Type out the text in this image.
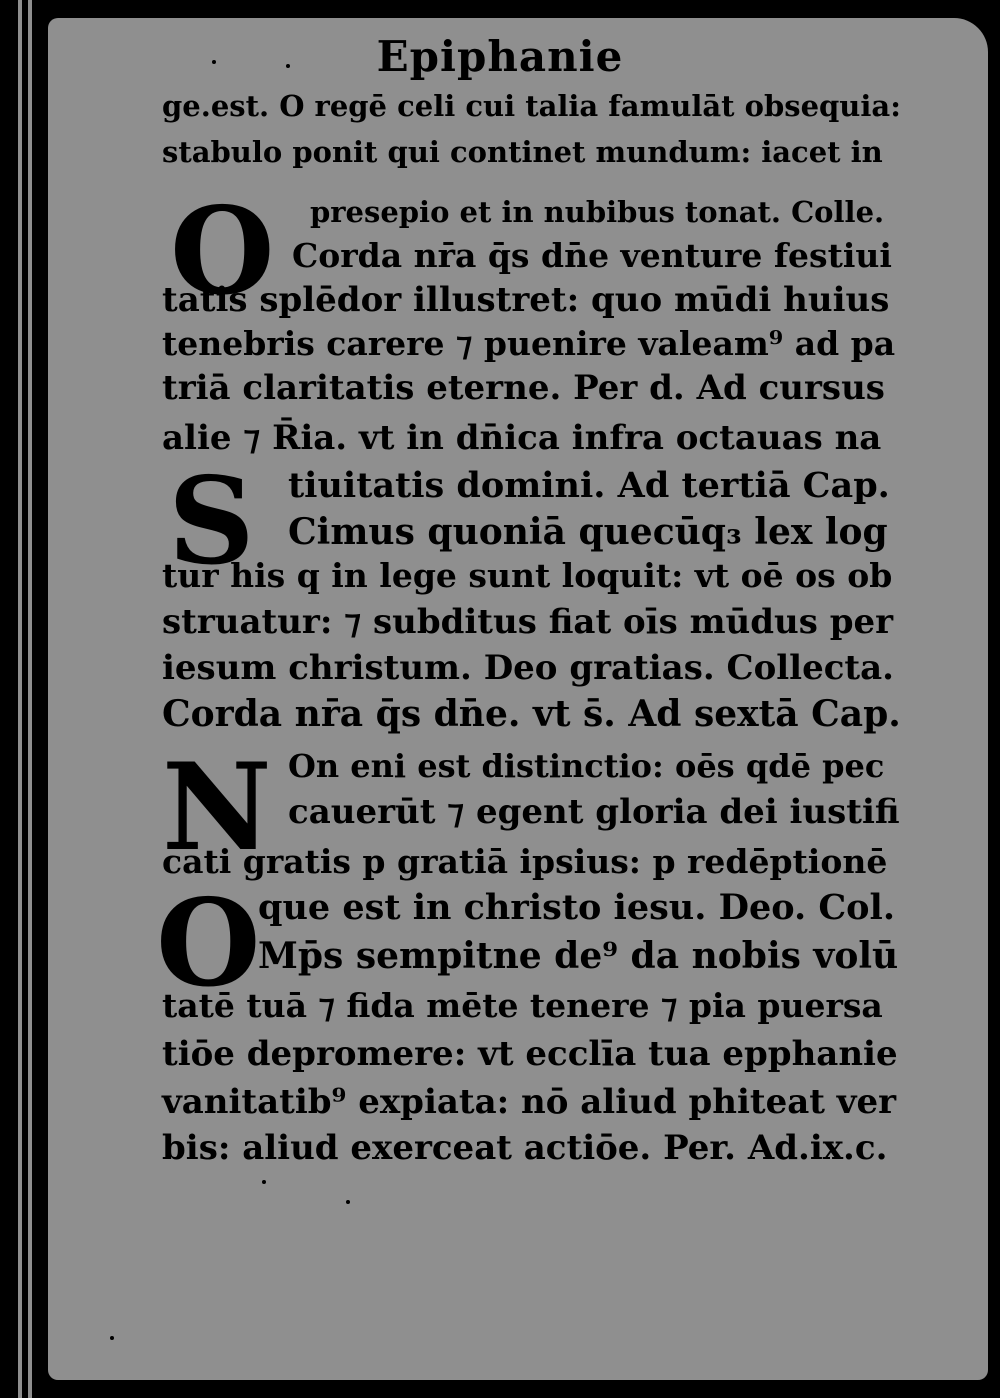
Epiphanie
ge.est. O regē celi cui talia famulāt obsequia:
stabulo ponit qui continet mundum: iacet in
presepio et in nubibus tonat. Colle.
Corda nr̄a q̄s dn̄e venture festiui
tatis splēdor illustret: quo mūdi huius
tenebris carere ⁊ puenire valeam⁹ ad pa
triā claritatis eterne. Per d. Ad cursus
alie ⁊ R̄ia. vt in dn̄ica infra octauas na
tiuitatis domini. Ad tertiā Cap.
Cimus quoniā quecūq₃ lex log
tur his q in lege sunt loquit: vt oē os ob
struatur: ⁊ subditus fiat oīs mūdus per
iesum christum. Deo gratias. Collecta.
Corda nr̄a q̄s dn̄e. vt s̄. Ad sextā Cap.
On eni est distinctio: oēs qdē pec
cauerūt ⁊ egent gloria dei iustifi
cati gratis p gratiā ipsius: p redēptionē
que est in christo iesu. Deo. Col.
Mp̄s sempitne de⁹ da nobis volū
tatē tuā ⁊ fida mēte tenere ⁊ pia puersa
tiōe depromere: vt ecclīa tua epphanie
vanitatib⁹ expiata: nō aliud phiteat ver
bis: aliud exerceat actiōe. Per. Ad.ix.c.
O
S
N
O
